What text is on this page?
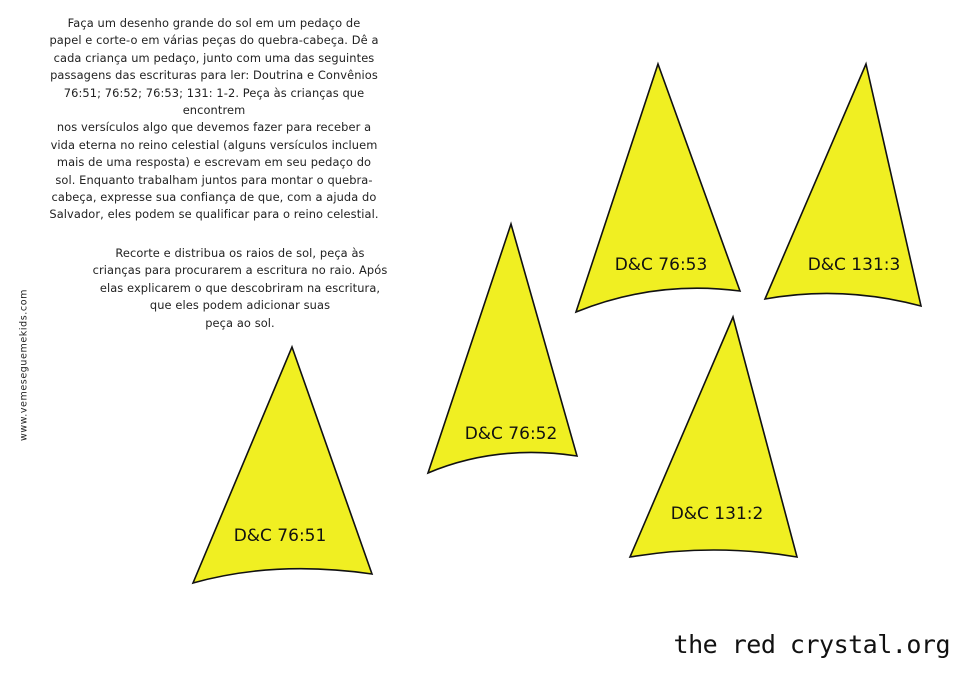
Faça um desenho grande do sol em um pedaço de
papel e corte-o em várias peças do quebra-cabeça. Dê a
cada criança um pedaço, junto com uma das seguintes
passagens das escrituras para ler: Doutrina e Convênios
76:51; 76:52; 76:53; 131: 1-2. Peça às crianças que encontrem
nos versículos algo que devemos fazer para receber a
vida eterna no reino celestial (alguns versículos incluem
mais de uma resposta) e escrevam em seu pedaço do
sol. Enquanto trabalham juntos para montar o quebra-
cabeça, expresse sua confiança de que, com a ajuda do
Salvador, eles podem se qualificar para o reino celestial.
Recorte e distribua os raios de sol, peça às
crianças para procurarem a escritura no raio. Após
elas explicarem o que descobriram na escritura,
que eles podem adicionar suas
peça ao sol.
www.vemeseguemekids.com
D&C 76:51
D&C 76:52
D&C 76:53	D&C 131:3
D&C 131:2
the red crystal.org
